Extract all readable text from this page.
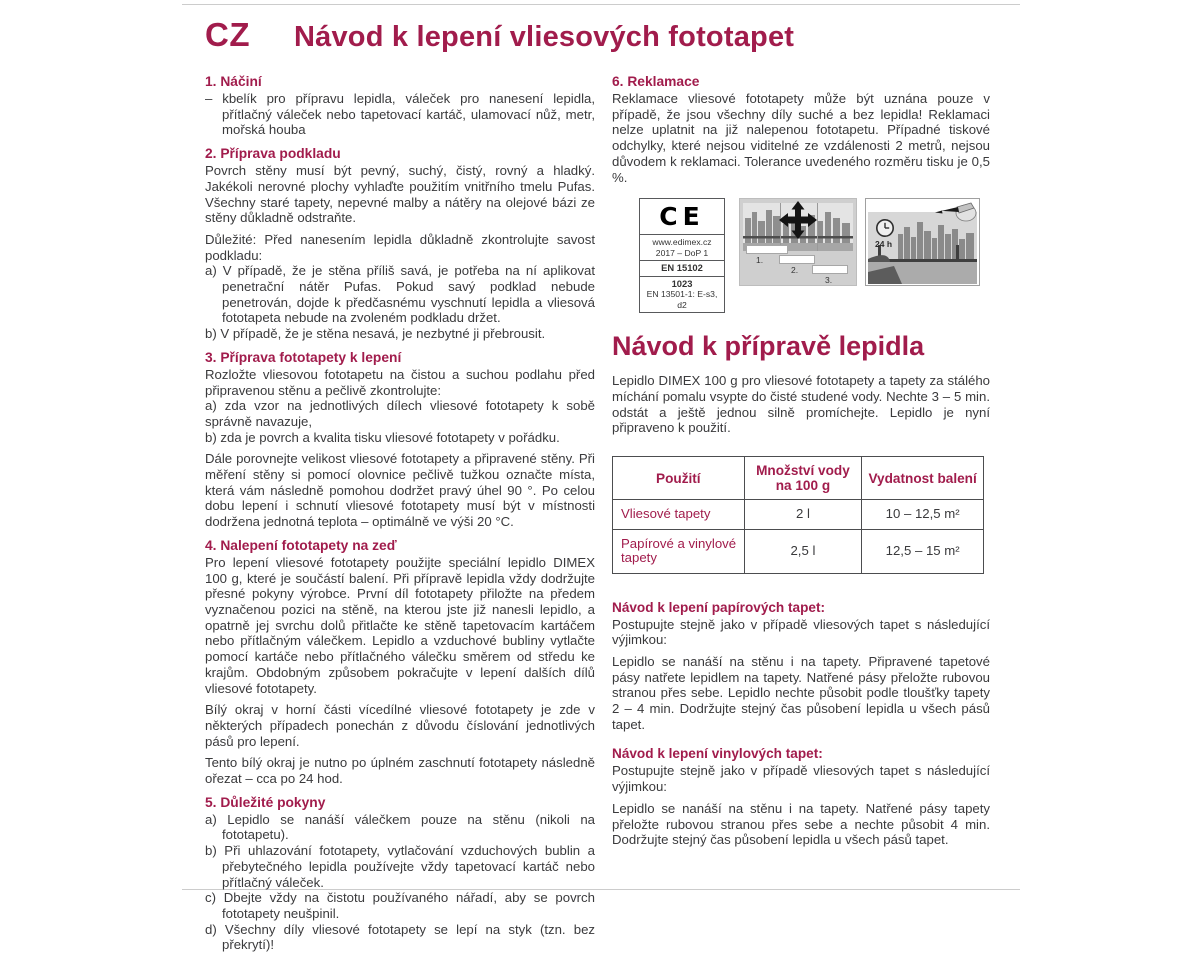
CZ Návod k lepení vliesových fototapet
1. Náčiní

– kbelík pro přípravu lepidla, váleček pro nanesení lepidla, přítlačný váleček nebo tapetovací kartáč, ulamovací nůž, metr, mořská houba

2. Příprava podkladu

Povrch stěny musí být pevný, suchý, čistý, rovný a hladký. Jakékoli nerovné plochy vyhlaďte použitím vnitřního tmelu Pufas. Všechny staré tapety, nepevné malby a nátěry na olejové bázi ze stěny důkladně odstraňte.

Důležité: Před nanesením lepidla důkladně zkontrolujte savost podkladu:

a) V případě, že je stěna příliš savá, je potřeba na ní aplikovat penetrační nátěr Pufas. Pokud savý podklad nebude penetrován, dojde k předčasnému vyschnutí lepidla a vliesová fototapeta nebude na zvoleném podkladu držet.

b) V případě, že je stěna nesavá, je nezbytné ji přebrousit.

3. Příprava fototapety k lepení

Rozložte vliesovou fototapetu na čistou a suchou podlahu před připravenou stěnu a pečlivě zkontrolujte:

a) zda vzor na jednotlivých dílech vliesové fototapety k sobě správně navazuje,

b) zda je povrch a kvalita tisku vliesové fototapety v pořádku.

Dále porovnejte velikost vliesové fototapety a připravené stěny. Při měření stěny si pomocí olovnice pečlivě tužkou označte místa, která vám následně pomohou dodržet pravý úhel 90 °. Po celou dobu lepení i schnutí vliesové fototapety musí být v místnosti dodržena jednotná teplota – optimálně ve výši 20 °C.

4. Nalepení fototapety na zeď

Pro lepení vliesové fototapety použijte speciální lepidlo DIMEX 100 g, které je součástí balení. Při přípravě lepidla vždy dodržujte přesné pokyny výrobce. První díl fototapety přiložte na předem vyznačenou pozici na stěně, na kterou jste již nanesli lepidlo, a opatrně jej svrchu dolů přitlačte ke stěně tapetovacím kartáčem nebo přítlačným válečkem. Lepidlo a vzduchové bubliny vytlačte pomocí kartáče nebo přítlačného válečku směrem od středu ke krajům. Obdobným způsobem pokračujte v lepení dalších dílů vliesové fototapety.

Bílý okraj v horní části vícedílné vliesové fototapety je zde v některých případech ponechán z důvodu číslování jednotlivých pásů pro lepení.

Tento bílý okraj je nutno po úplném zaschnutí fototapety následně ořezat – cca po 24 hod.

5. Důležité pokyny

a) Lepidlo se nanáší válečkem pouze na stěnu (nikoli na fototapetu).

b) Při uhlazování fototapety, vytlačování vzduchových bublin a přebytečného lepidla používejte vždy tapetovací kartáč nebo přítlačný váleček.

c) Dbejte vždy na čistotu používaného nářadí, aby se povrch fototapety neušpinil.

d) Všechny díly vliesové fototapety se lepí na styk (tzn. bez překrytí)!

6. Reklamace

Reklamace vliesové fototapety může být uznána pouze v případě, že jsou všechny díly suché a bez lepidla! Reklamaci nelze uplatnit na již nalepenou fototapetu. Případné tiskové odchylky, které nejsou viditelné ze vzdálenosti 2 metrů, nejsou důvodem k reklamaci. Tolerance uvedeného rozměru tisku je 0,5 %.

CE
www.edimex.cz
2017 – DoP 1
EN 15102
1023
EN 13501-1: E-s3, d2
1.
2.
3.
24 h
Návod k přípravě lepidla

Lepidlo DIMEX 100 g pro vliesové fototapety a tapety za stálého míchání pomalu vsypte do čisté studené vody. Nechte 3 – 5 min. odstát a ještě jednou silně promíchejte. Lepidlo je nyní připraveno k použití.

Použití	Množství vody na 100 g	Vydatnost balení
Vliesové tapety	2 l	10 – 12,5 m²
Papírové a vinylové tapety	2,5 l	12,5 – 15 m²
Návod k lepení papírových tapet:

Postupujte stejně jako v případě vliesových tapet s následující výjimkou:

Lepidlo se nanáší na stěnu i na tapety. Připravené tapetové pásy natřete lepidlem na tapety. Natřené pásy přeložte rubovou stranou přes sebe. Lepidlo nechte působit podle tloušťky tapety 2 – 4 min. Dodržujte stejný čas působení lepidla u všech pásů tapet.

Návod k lepení vinylových tapet:

Postupujte stejně jako v případě vliesových tapet s následující výjimkou:

Lepidlo se nanáší na stěnu i na tapety. Natřené pásy tapety přeložte rubovou stranou přes sebe a nechte působit 4 min. Dodržujte stejný čas působení lepidla u všech pásů tapet.
